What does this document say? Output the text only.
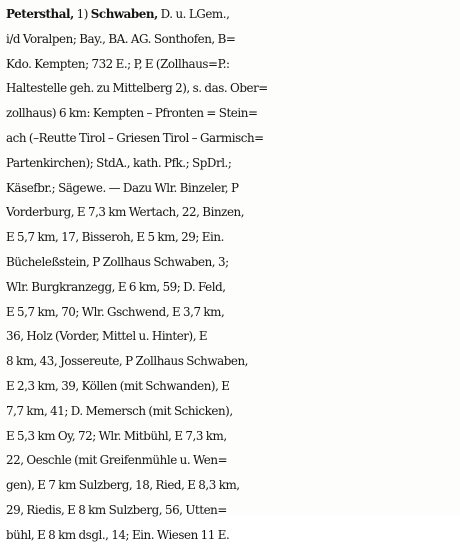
Petersthal, 1) Schwaben, D. u. LGem.,
i/d Voralpen; Bay., BA. AG. Sonthofen, B=
Kdo. Kempten; 732 E.; P, E (Zollhaus=P.:
Haltestelle geh. zu Mittelberg 2), s. das. Ober=
zollhaus) 6 km: Kempten – Pfronten = Stein=
ach (–Reutte Tirol – Griesen Tirol – Garmisch=
Partenkirchen); StdA., kath. Pfk.; SpDrl.;
Käsefbr.; Sägewe. — Dazu Wlr. Binzeler, P
Vorderburg, E 7,3 km Wertach, 22, Binzen,
E 5,7 km, 17, Bisseroh, E 5 km, 29; Ein.
Bücheleßstein, P Zollhaus Schwaben, 3;
Wlr. Burgkranzegg, E 6 km, 59; D. Feld,
E 5,7 km, 70; Wlr. Gschwend, E 3,7 km,
36, Holz (Vorder, Mittel u. Hinter), E
8 km, 43, Jossereute, P Zollhaus Schwaben,
E 2,3 km, 39, Köllen (mit Schwanden), E
7,7 km, 41; D. Memersch (mit Schicken),
E 5,3 km Oy, 72; Wlr. Mitbühl, E 7,3 km,
22, Oeschle (mit Greifenmühle u. Wen=
gen), E 7 km Sulzberg, 18, Ried, E 8,3 km,
29, Riedis, E 8 km Sulzberg, 56, Utten=
bühl, E 8 km dsgl., 14; Ein. Wiesen 11 E.
